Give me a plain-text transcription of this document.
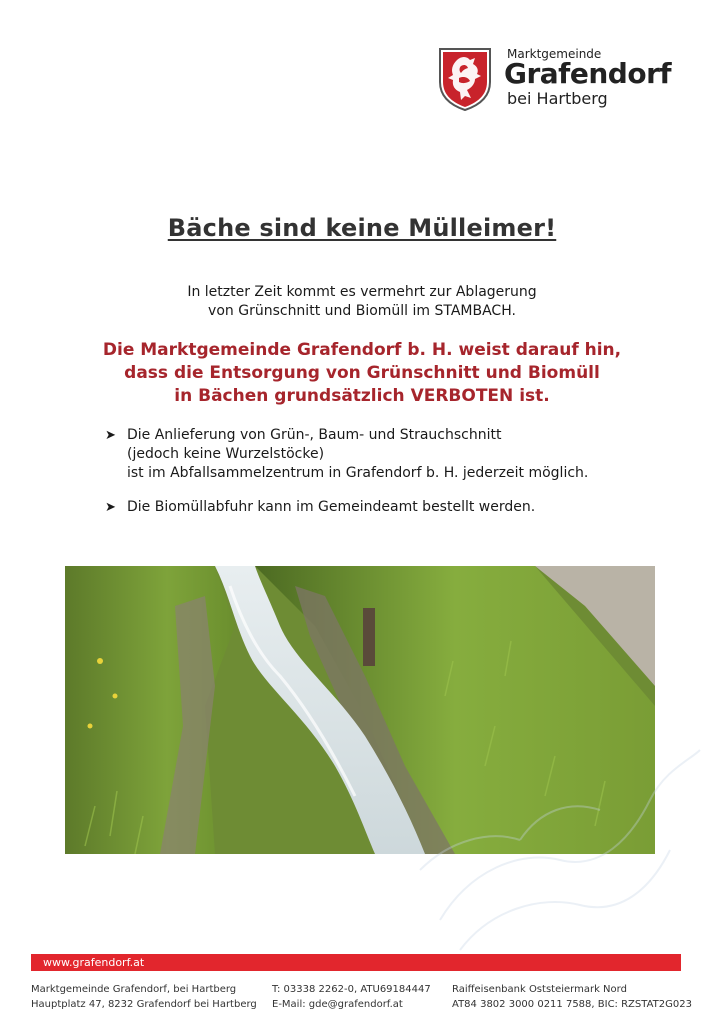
Marktgemeinde
Grafendorf
bei Hartberg
Bäche sind keine Mülleimer!
In letzter Zeit kommt es vermehrt zur Ablagerung
von Grünschnitt und Biomüll im STAMBACH.
Die Marktgemeinde Grafendorf b. H. weist darauf hin,
dass die Entsorgung von Grünschnitt und Biomüll
in Bächen grundsätzlich VERBOTEN ist.
➤ Die Anlieferung von Grün-, Baum- und Strauchschnitt
(jedoch keine Wurzelstöcke)
ist im Abfallsammelzentrum in Grafendorf b. H. jederzeit möglich.
➤ Die Biomüllabfuhr kann im Gemeindeamt bestellt werden.
www.grafendorf.at
Marktgemeinde Grafendorf, bei Hartberg
Hauptplatz 47, 8232 Grafendorf bei Hartberg
T: 03338 2262-0, ATU69184447
E-Mail: gde@grafendorf.at
Raiffeisenbank Oststeiermark Nord
AT84 3802 3000 0211 7588, BIC: RZSTAT2G023
